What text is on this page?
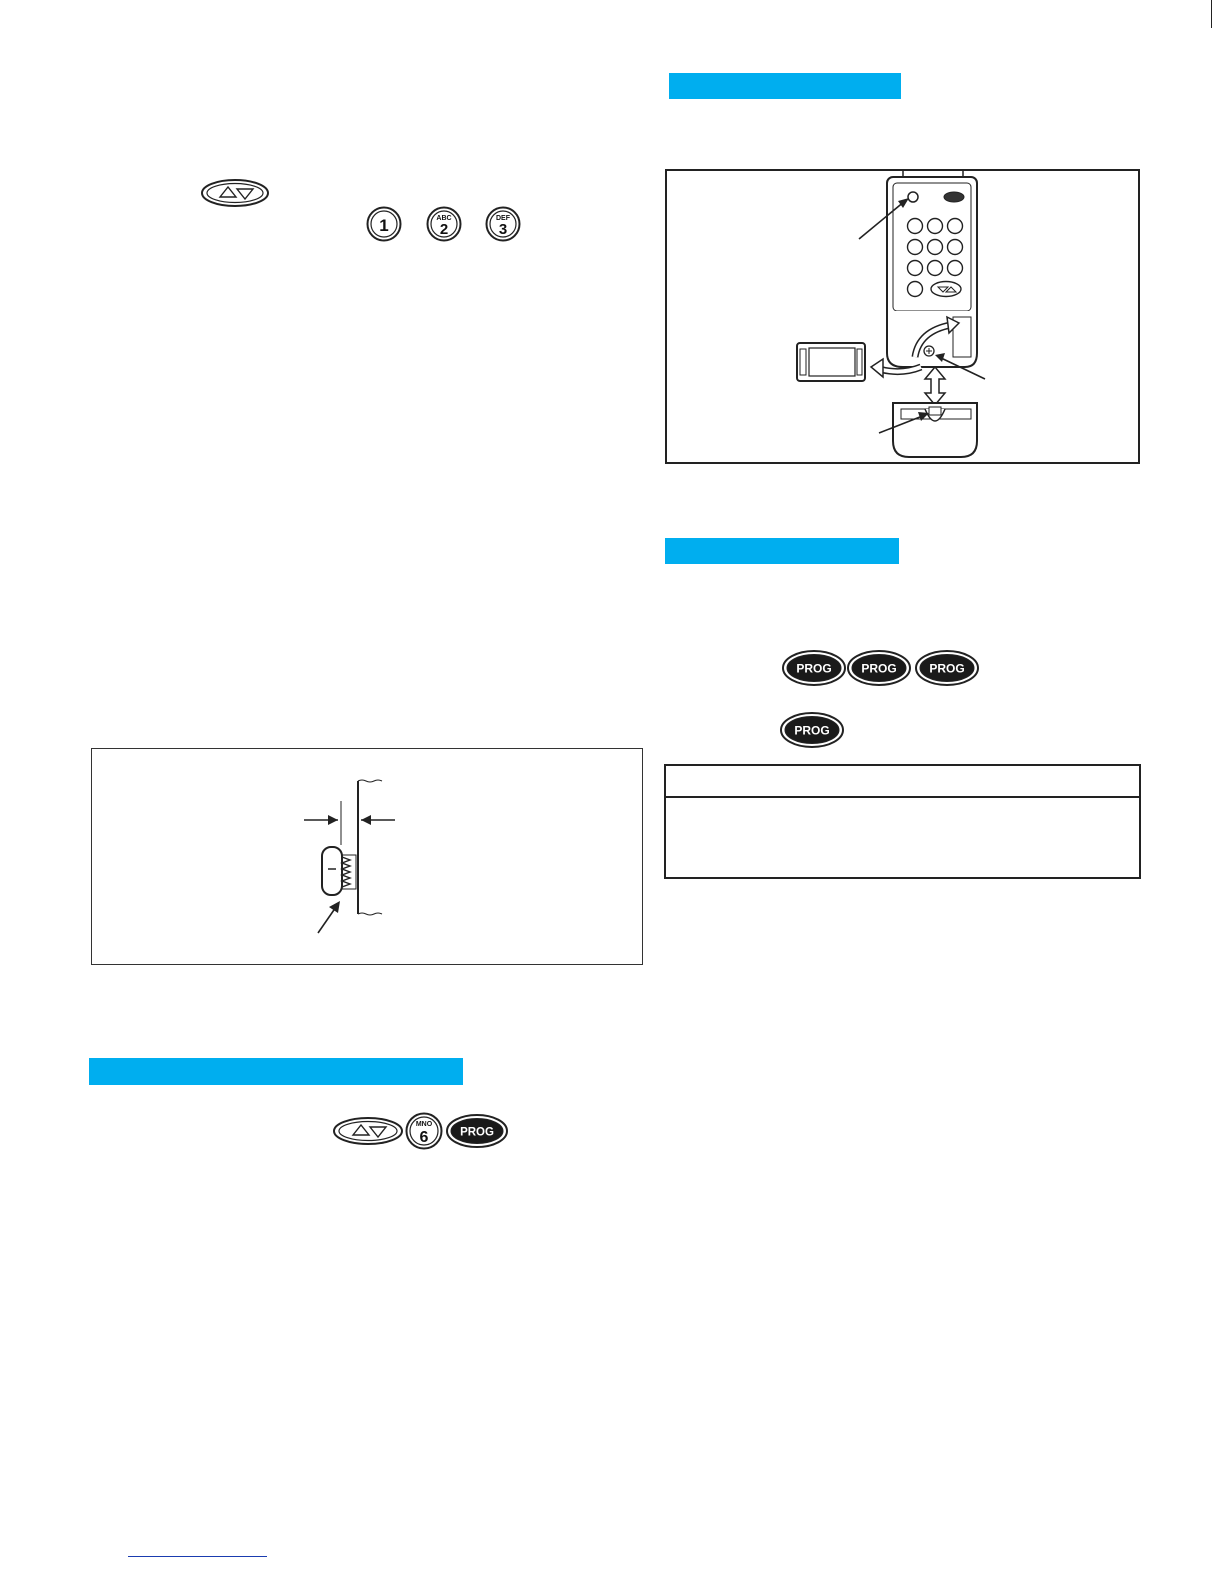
1	ABC
2
DEF
3
MNO
6	PROG
PROG PROG	PROG
PROG
